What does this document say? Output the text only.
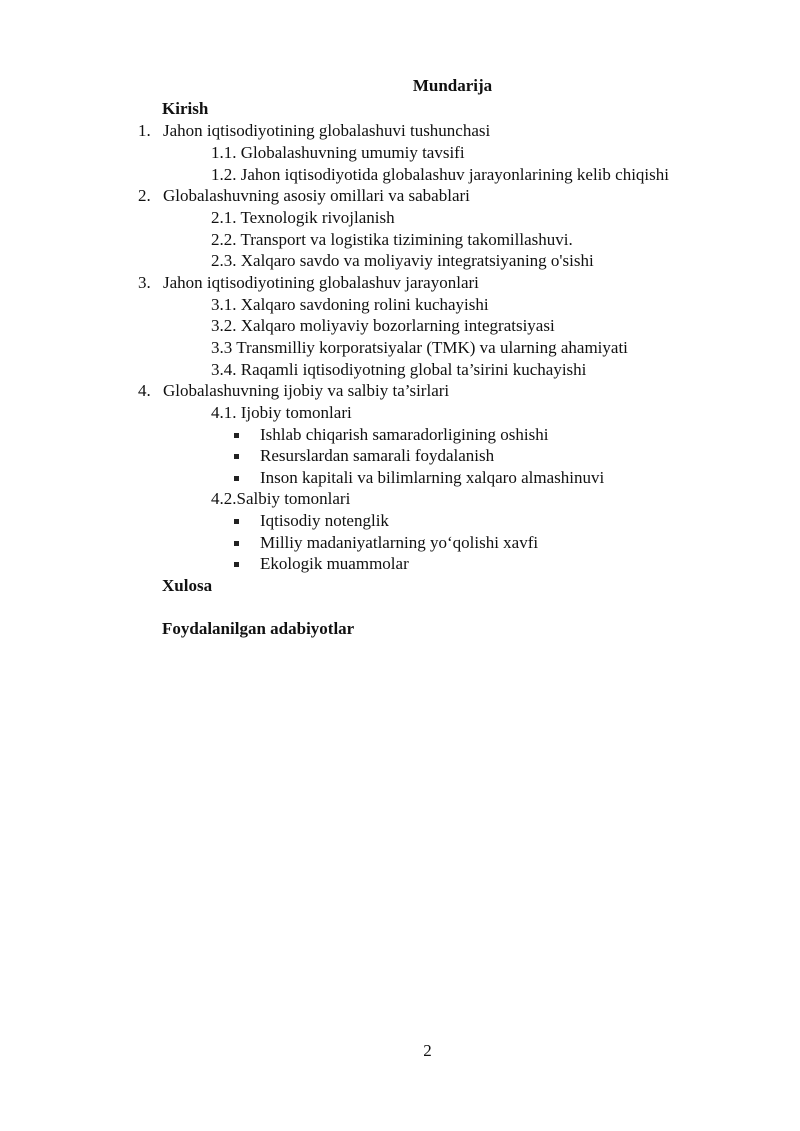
Mundarija
Kirish
1. Jahon iqtisodiyotining globalashuvi tushunchasi
1.1. Globalashuvning umumiy tavsifi
1.2. Jahon iqtisodiyotida globalashuv jarayonlarining kelib chiqishi
2. Globalashuvning asosiy omillari va sabablari
2.1. Texnologik rivojlanish
2.2. Transport va logistika tizimining takomillashuvi.
2.3. Xalqaro savdo va moliyaviy integratsiyaning o'sishi
3. Jahon iqtisodiyotining globalashuv jarayonlari
3.1. Xalqaro savdoning rolini kuchayishi
3.2. Xalqaro moliyaviy bozorlarning integratsiyasi
3.3 Transmilliy korporatsiyalar (TMK) va ularning ahamiyati
3.4. Raqamli iqtisodiyotning global ta’sirini kuchayishi
4. Globalashuvning ijobiy va salbiy ta’sirlari
4.1. Ijobiy tomonlari
Ishlab chiqarish samaradorligining oshishi
Resurslardan samarali foydalanish
Inson kapitali va bilimlarning xalqaro almashinuvi
4.2.Salbiy tomonlari
Iqtisodiy notenglik
Milliy madaniyatlarning yo‘qolishi xavfi
Ekologik muammolar
Xulosa
Foydalanilgan adabiyotlar
2
